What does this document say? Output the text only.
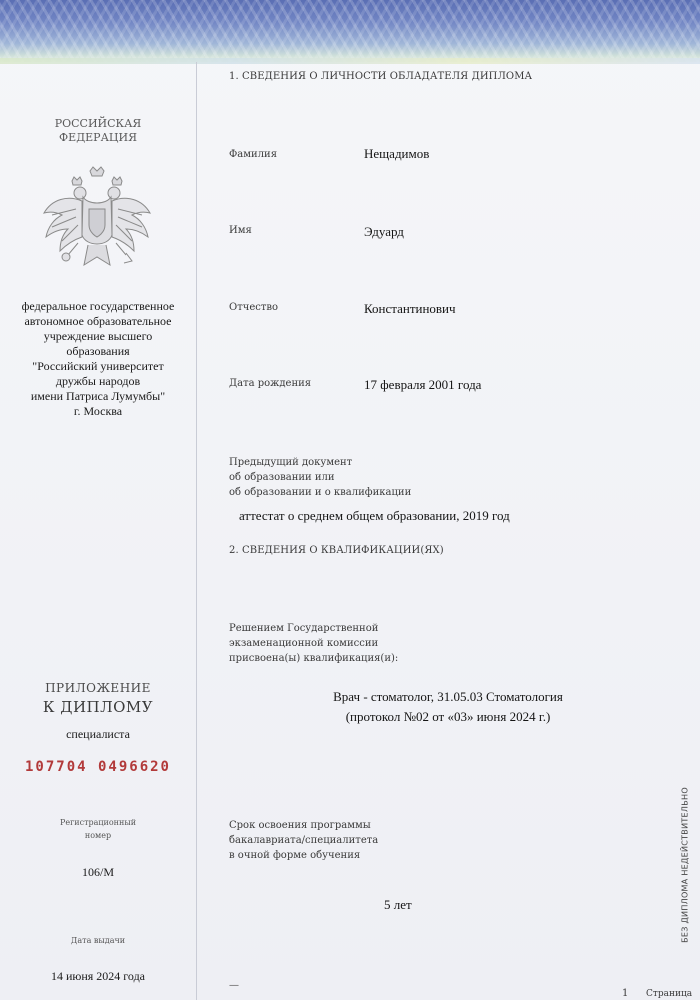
РОССИЙСКАЯ
ФЕДЕРАЦИЯ
федеральное государственное
автономное образовательное
учреждение высшего
образования
"Российский университет
дружбы народов
имени Патриса Лумумбы"
г. Москва
ПРИЛОЖЕНИЕ
К ДИПЛОМУ
специалиста
107704 0496620
Регистрационный
номер
106/М
Дата выдачи
14 июня 2024 года
1. СВЕДЕНИЯ О ЛИЧНОСТИ ОБЛАДАТЕЛЯ ДИПЛОМА
Фамилия	Нещадимов
Имя	Эдуард
Отчество	Константинович
Дата рождения	17 февраля 2001 года
Предыдущий документ
об образовании или
об образовании и о квалификации
аттестат о среднем общем образовании, 2019 год
2. СВЕДЕНИЯ О КВАЛИФИКАЦИИ(ЯХ)
Решением Государственной
экзаменационной комиссии
присвоена(ы) квалификация(и):
Врач - стоматолог, 31.05.03 Стоматология
(протокол №02 от «03» июня 2024 г.)
Срок освоения программы
бакалавриата/специалитета
в очной форме обучения
5 лет
—
1 Страница
БЕЗ ДИПЛОМА НЕДЕЙСТВИТЕЛЬНО
